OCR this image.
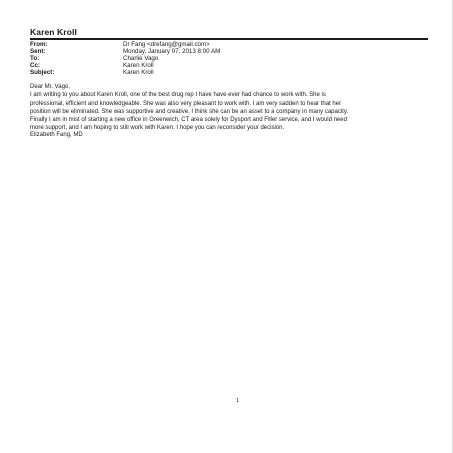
Karen Kroll
From:	Dr Fang <drefang@gmail.com>
Sent:	Monday, January 07, 2013 8:00 AM
To:	Charlie Vago
Cc:	Karen Kroll
Subject:	Karen Kroll

Dear Mr. Vago,

I am writing to you about Karen Kroll, one of the best drug rep I have have ever had chance to work with. She is

professional, efficient and knowledgeable. She was also very pleasant to work with. I am very sadden to hear that her

position will be eliminated. She was supportive and creative, I think she can be an asset to a company in many capacity.

Finally I am in mist of starting a new office in Greenwich, CT area solely for Dysport and Filler service, and I would need

more support, and I am hoping to still work with Karen. I hope you can reconsider your decision.

Elizabeth Fang, MD
1
